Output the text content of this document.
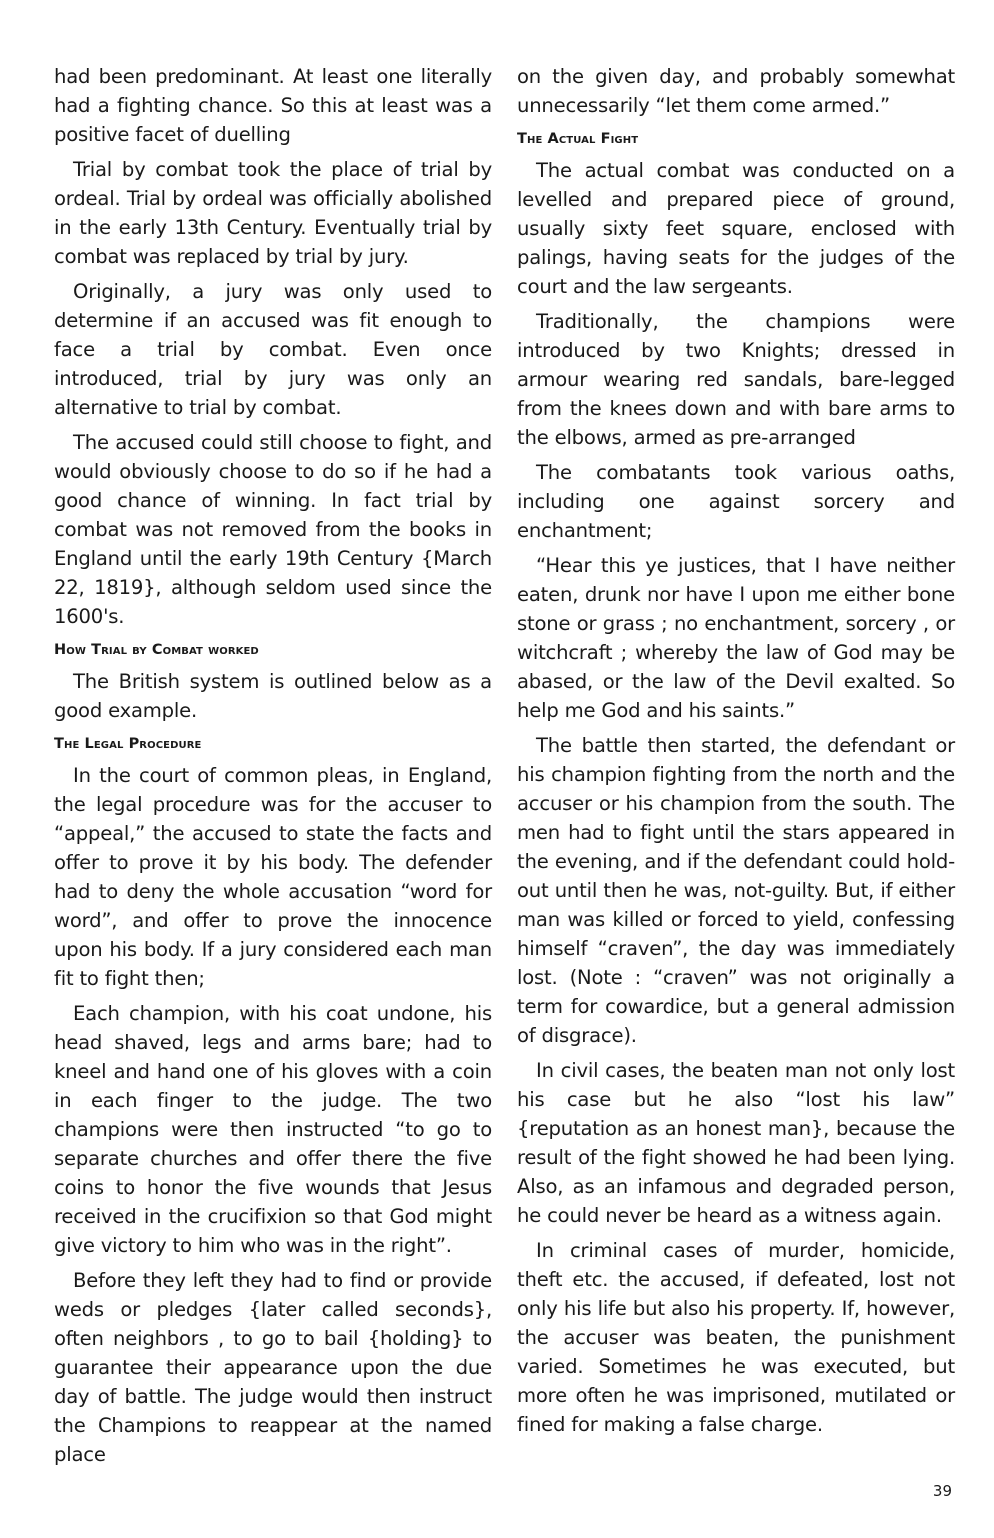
had been predominant. At least one literally had a fighting chance. So this at least was a positive facet of duelling

Trial by combat took the place of trial by ordeal. Trial by ordeal was officially abolished in the early 13th Century. Eventually trial by combat was replaced by trial by jury.

Originally, a jury was only used to determine if an accused was fit enough to face a trial by combat. Even once introduced, trial by jury was only an alternative to trial by combat.

The accused could still choose to fight, and would obviously choose to do so if he had a good chance of winning. In fact trial by combat was not removed from the books in England until the early 19th Century {March 22, 1819}, although seldom used since the 1600's.

How Trial by Combat worked

The British system is outlined below as a good example.

The Legal Procedure

In the court of common pleas, in England, the legal procedure was for the accuser to “appeal,” the accused to state the facts and offer to prove it by his body. The defender had to deny the whole accusation “word for word”, and offer to prove the innocence upon his body. If a jury considered each man fit to fight then;

Each champion, with his coat undone, his head shaved, legs and arms bare; had to kneel and hand one of his gloves with a coin in each finger to the judge. The two champions were then instructed “to go to separate churches and offer there the five coins to honor the five wounds that Jesus received in the crucifixion so that God might give victory to him who was in the right”.

Before they left they had to find or provide weds or pledges {later called seconds}, often neighbors , to go to bail {holding} to guarantee their appearance upon the due day of battle. The judge would then instruct the Champions to reappear at the named place

on the given day, and probably somewhat unnecessarily “let them come armed.”

The Actual Fight

The actual combat was conducted on a levelled and prepared piece of ground, usually sixty feet square, enclosed with palings, having seats for the judges of the court and the law sergeants.

Traditionally, the champions were introduced by two Knights; dressed in armour wearing red sandals, bare-legged from the knees down and with bare arms to the elbows, armed as pre-arranged

The combatants took various oaths, including one against sorcery and enchantment;

“Hear this ye justices, that I have neither eaten, drunk nor have I upon me either bone stone or grass ; no enchantment, sorcery , or witchcraft ; whereby the law of God may be abased, or the law of the Devil exalted. So help me God and his saints.”

The battle then started, the defendant or his champion fighting from the north and the accuser or his champion from the south. The men had to fight until the stars appeared in the evening, and if the defendant could hold-out until then he was, not-guilty. But, if either man was killed or forced to yield, confessing himself “craven”, the day was immediately lost. (Note : “craven” was not originally a term for cowardice, but a general admission of disgrace).

In civil cases, the beaten man not only lost his case but he also “lost his law” {reputation as an honest man}, because the result of the fight showed he had been lying. Also, as an infamous and degraded person, he could never be heard as a witness again.

In criminal cases of murder, homicide, theft etc. the accused, if defeated, lost not only his life but also his property. If, however, the accuser was beaten, the punishment varied. Sometimes he was executed, but more often he was imprisoned, mutilated or fined for making a false charge.

39
